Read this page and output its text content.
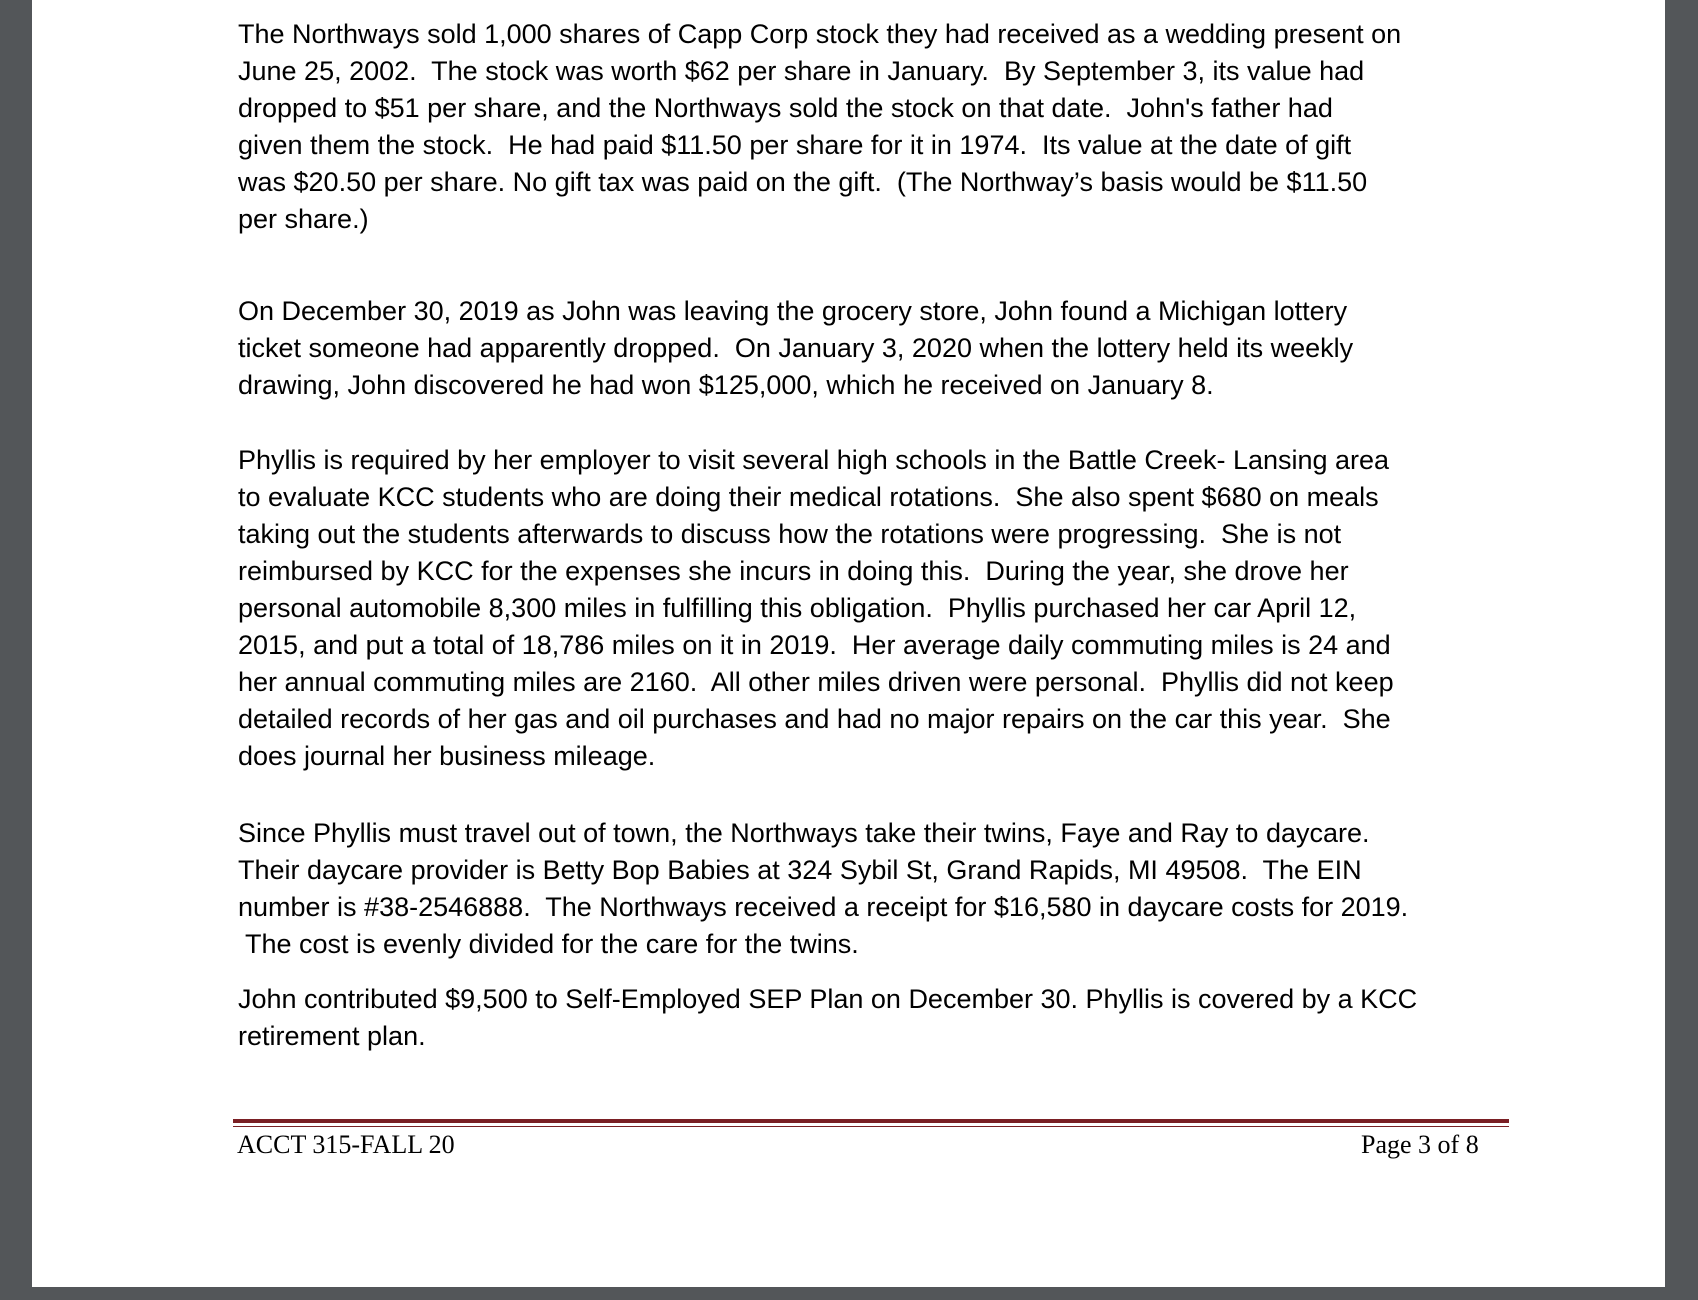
The Northways sold 1,000 shares of Capp Corp stock they had received as a wedding present on
June 25, 2002.  The stock was worth $62 per share in January.  By September 3, its value had
dropped to $51 per share, and the Northways sold the stock on that date.  John's father had
given them the stock.  He had paid $11.50 per share for it in 1974.  Its value at the date of gift
was $20.50 per share. No gift tax was paid on the gift.  (The Northway’s basis would be $11.50
per share.)
On December 30, 2019 as John was leaving the grocery store, John found a Michigan lottery
ticket someone had apparently dropped.  On January 3, 2020 when the lottery held its weekly
drawing, John discovered he had won $125,000, which he received on January 8.
Phyllis is required by her employer to visit several high schools in the Battle Creek- Lansing area
to evaluate KCC students who are doing their medical rotations.  She also spent $680 on meals
taking out the students afterwards to discuss how the rotations were progressing.  She is not
reimbursed by KCC for the expenses she incurs in doing this.  During the year, she drove her
personal automobile 8,300 miles in fulfilling this obligation.  Phyllis purchased her car April 12,
2015, and put a total of 18,786 miles on it in 2019.  Her average daily commuting miles is 24 and
her annual commuting miles are 2160.  All other miles driven were personal.  Phyllis did not keep
detailed records of her gas and oil purchases and had no major repairs on the car this year.  She
does journal her business mileage.
Since Phyllis must travel out of town, the Northways take their twins, Faye and Ray to daycare.
Their daycare provider is Betty Bop Babies at 324 Sybil St, Grand Rapids, MI 49508.  The EIN
number is #38-2546888.  The Northways received a receipt for $16,580 in daycare costs for 2019.
The cost is evenly divided for the care for the twins.
John contributed $9,500 to Self-Employed SEP Plan on December 30. Phyllis is covered by a KCC
retirement plan.
ACCT 315-FALL 20	Page 3 of 8
